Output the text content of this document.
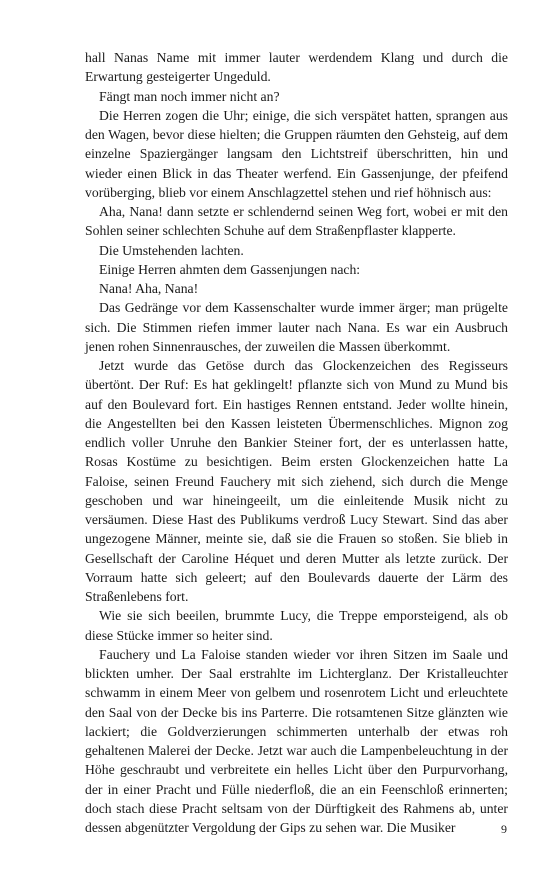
hall Nanas Name mit immer lauter werdendem Klang und durch die Erwartung gesteigerter Ungeduld.

Fängt man noch immer nicht an?

Die Herren zogen die Uhr; einige, die sich verspätet hatten, sprangen aus den Wagen, bevor diese hielten; die Gruppen räumten den Gehsteig, auf dem einzelne Spaziergänger langsam den Lichtstreif überschritten, hin und wieder einen Blick in das Theater werfend. Ein Gassenjunge, der pfeifend vorüberging, blieb vor einem Anschlagzettel stehen und rief höhnisch aus:

Aha, Nana! dann setzte er schlendernd seinen Weg fort, wobei er mit den Sohlen seiner schlechten Schuhe auf dem Straßenpflaster klapperte.

Die Umstehenden lachten.

Einige Herren ahmten dem Gassenjungen nach:

Nana! Aha, Nana!

Das Gedränge vor dem Kassenschalter wurde immer ärger; man prügelte sich. Die Stimmen riefen immer lauter nach Nana. Es war ein Ausbruch jenen rohen Sinnenrausches, der zuweilen die Massen überkommt.

Jetzt wurde das Getöse durch das Glockenzeichen des Regisseurs übertönt. Der Ruf: Es hat geklingelt! pflanzte sich von Mund zu Mund bis auf den Boulevard fort. Ein hastiges Rennen entstand. Jeder wollte hinein, die Angestellten bei den Kassen leisteten Übermenschliches. Mignon zog endlich voller Unruhe den Bankier Steiner fort, der es unterlassen hatte, Rosas Kostüme zu besichtigen. Beim ersten Glockenzeichen hatte La Faloise, seinen Freund Fauchery mit sich ziehend, sich durch die Menge geschoben und war hineingeeilt, um die einleitende Musik nicht zu versäumen. Diese Hast des Publikums verdroß Lucy Stewart. Sind das aber ungezogene Männer, meinte sie, daß sie die Frauen so stoßen. Sie blieb in Gesellschaft der Caroline Héquet und deren Mutter als letzte zurück. Der Vorraum hatte sich geleert; auf den Boulevards dauerte der Lärm des Straßenlebens fort.

Wie sie sich beeilen, brummte Lucy, die Treppe emporsteigend, als ob diese Stücke immer so heiter sind.

Fauchery und La Faloise standen wieder vor ihren Sitzen im Saale und blickten umher. Der Saal erstrahlte im Lichterglanz. Der Kristalleuchter schwamm in einem Meer von gelbem und rosenrotem Licht und erleuchtete den Saal von der Decke bis ins Parterre. Die rotsamtenen Sitze glänzten wie lackiert; die Goldverzierungen schimmerten unterhalb der etwas roh gehaltenen Malerei der Decke. Jetzt war auch die Lampenbeleuchtung in der Höhe geschraubt und verbreitete ein helles Licht über den Purpurvorhang, der in einer Pracht und Fülle niederfloß, die an ein Feenschloß erinnerten; doch stach diese Pracht seltsam von der Dürftigkeit des Rahmens ab, unter dessen abgenützter Vergoldung der Gips zu sehen war. Die Musiker	9
